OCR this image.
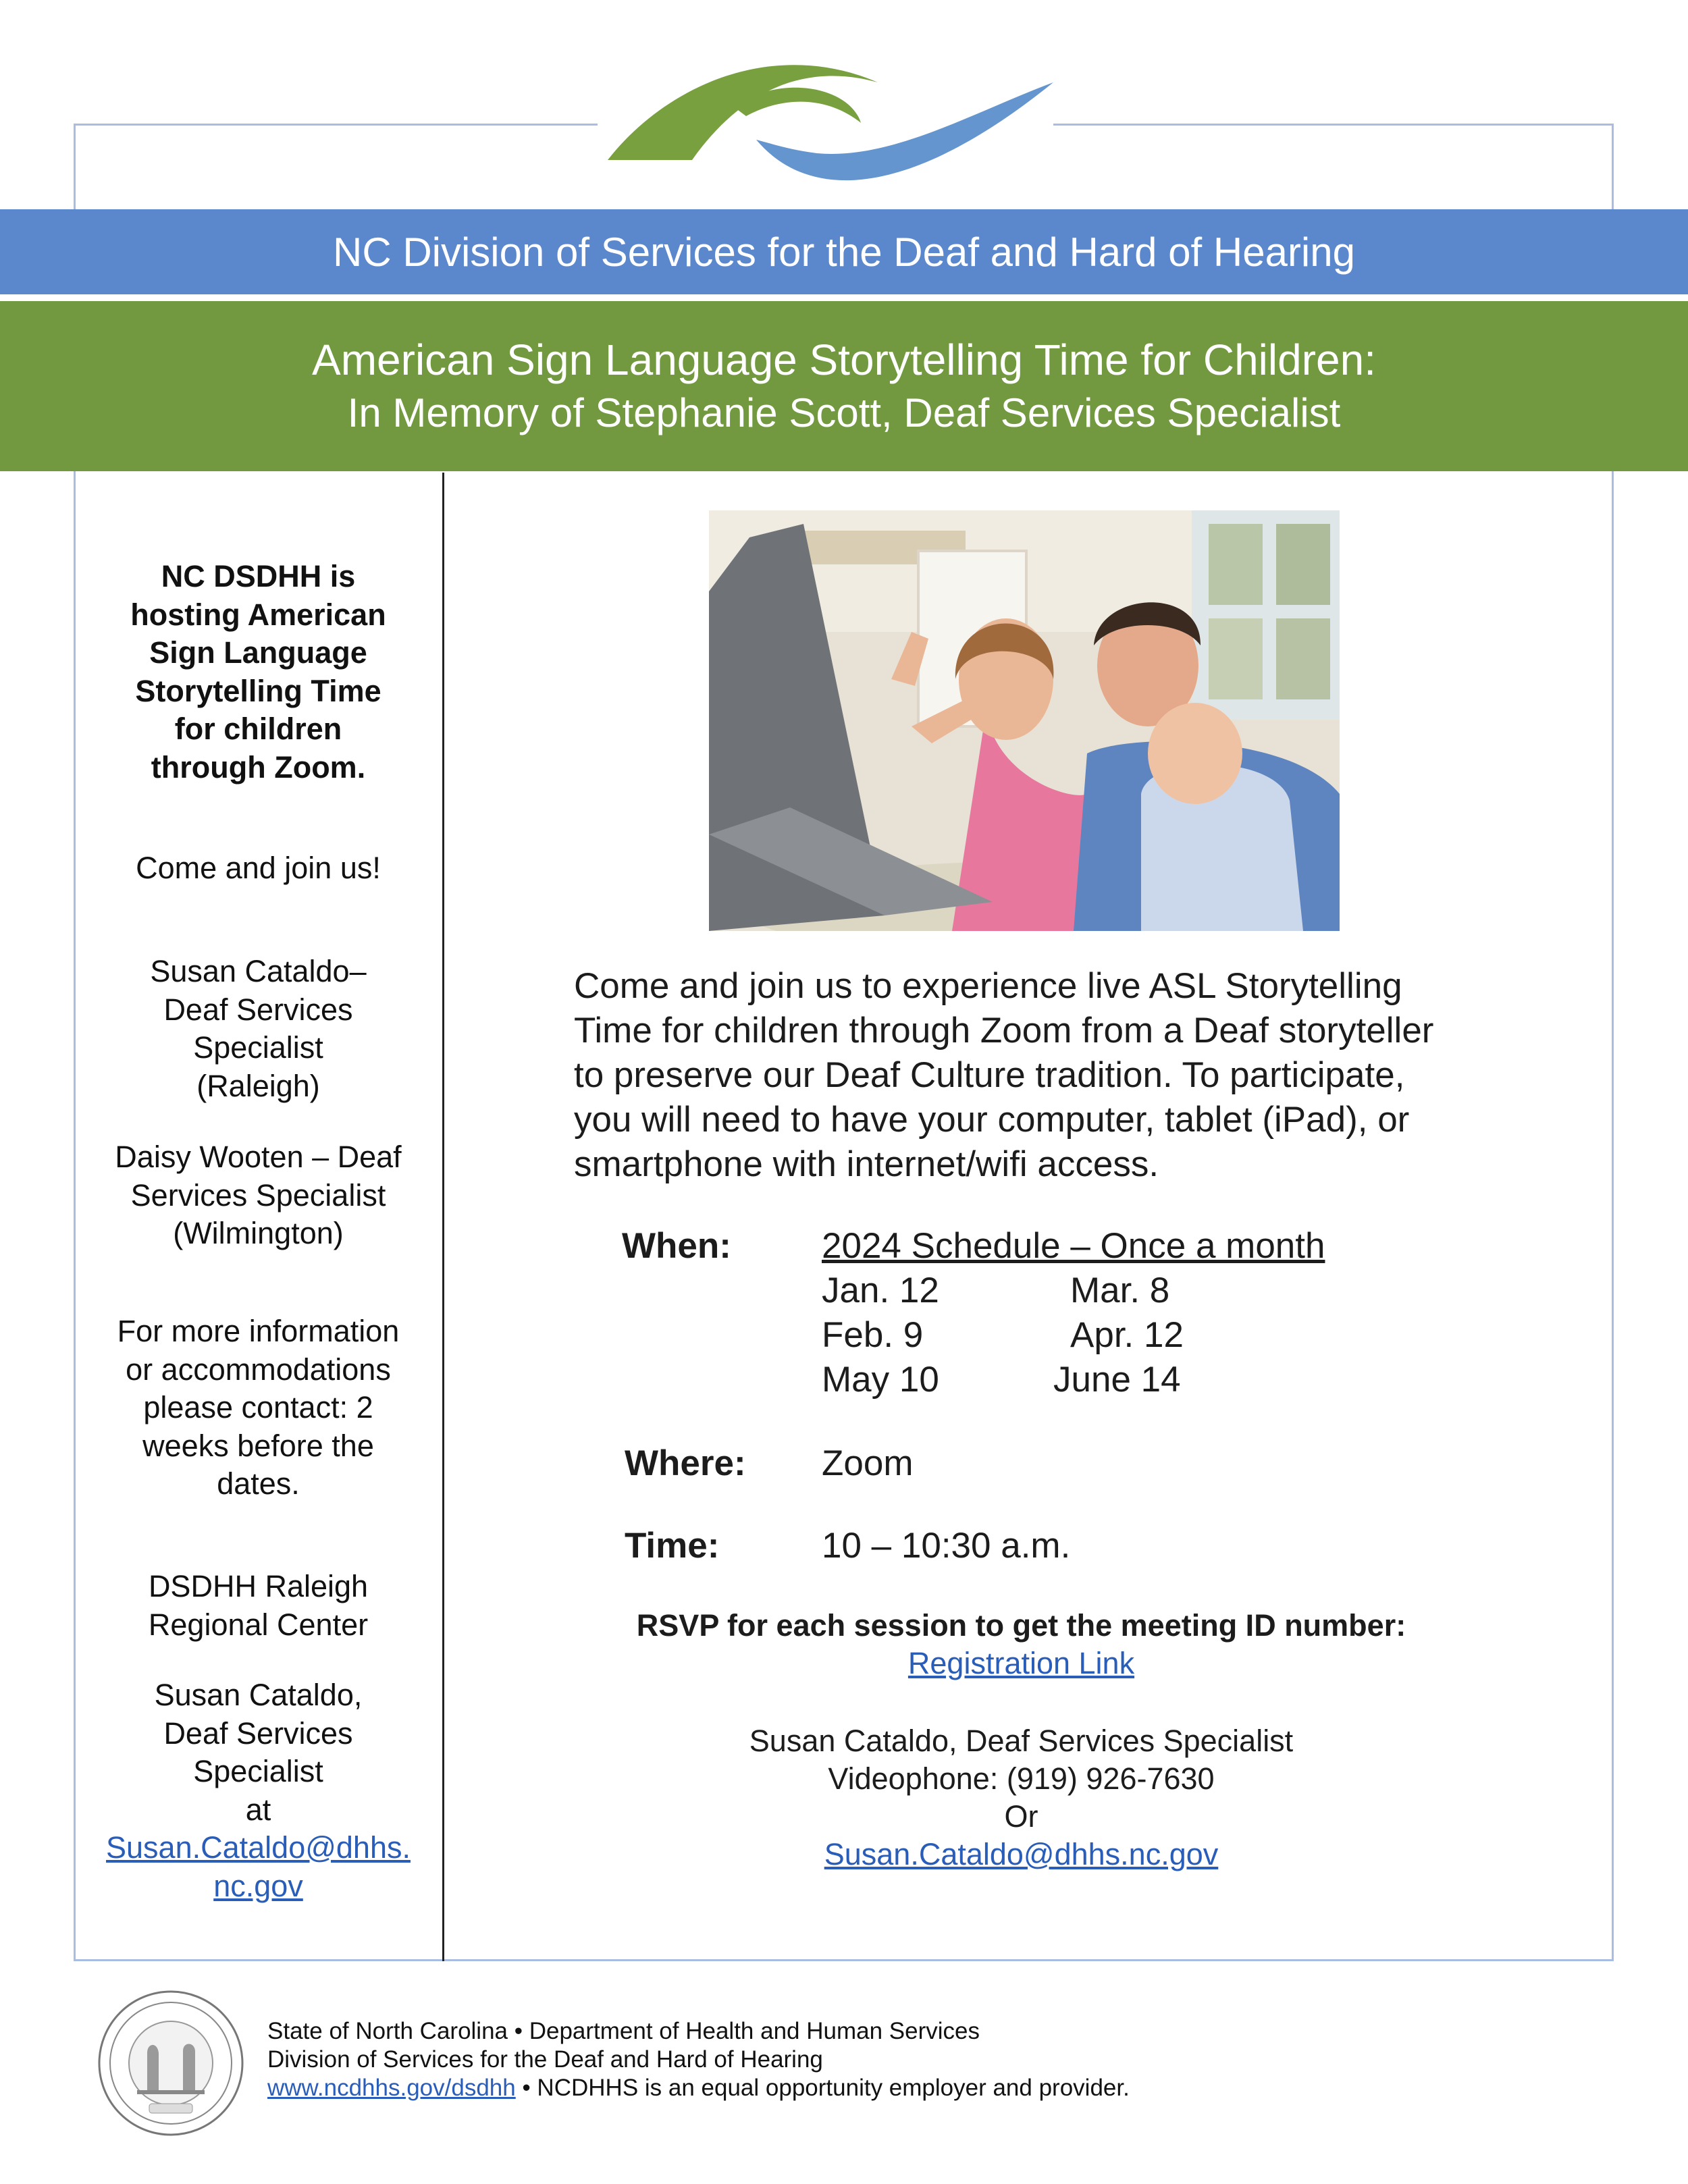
NC Division of Services for the Deaf and Hard of Hearing
American Sign Language Storytelling Time for Children:
In Memory of Stephanie Scott, Deaf Services Specialist
NC DSDHH is
hosting American
Sign Language
Storytelling Time
for children
through Zoom.
Come and join us!
Susan Cataldo–
Deaf Services
Specialist
(Raleigh)
Daisy Wooten – Deaf
Services Specialist
(Wilmington)
For more information
or accommodations
please contact: 2
weeks before the
dates.
DSDHH Raleigh
Regional Center
Susan Cataldo,
Deaf Services
Specialist
at
Susan.Cataldo@dhhs.
nc.gov
Come and join us to experience live ASL Storytelling
Time for children through Zoom from a Deaf storyteller
to preserve our Deaf Culture tradition. To participate,
you will need to have your computer, tablet (iPad), or
smartphone with internet/wifi access.
When:	2024 Schedule – Once a month
Jan. 12	Mar. 8
Feb. 9	Apr. 12
May 10	June 14
Where: Zoom
Time:	10 – 10:30 a.m.
RSVP for each session to get the meeting ID number:
Registration Link
Susan Cataldo, Deaf Services Specialist
Videophone: (919) 926-7630
Or
Susan.Cataldo@dhhs.nc.gov
State of North Carolina • Department of Health and Human Services
Division of Services for the Deaf and Hard of Hearing
www.ncdhhs.gov/dsdhh • NCDHHS is an equal opportunity employer and provider.
